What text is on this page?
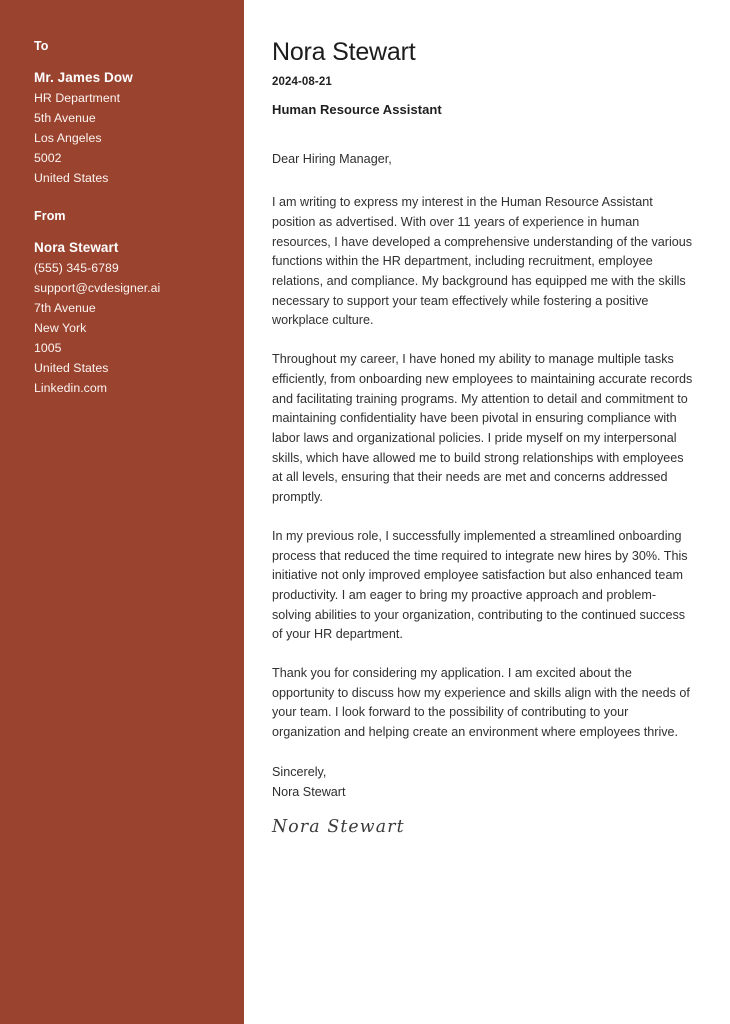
To
Mr. James Dow
HR Department
5th Avenue
Los Angeles
5002
United States
From
Nora Stewart
(555) 345-6789
support@cvdesigner.ai
7th Avenue
New York
1005
United States
Linkedin.com
Nora Stewart
2024-08-21
Human Resource Assistant

Dear Hiring Manager,

I am writing to express my interest in the Human Resource Assistant position as advertised. With over 11 years of experience in human resources, I have developed a comprehensive understanding of the various functions within the HR department, including recruitment, employee relations, and compliance. My background has equipped me with the skills necessary to support your team effectively while fostering a positive workplace culture.

Throughout my career, I have honed my ability to manage multiple tasks efficiently, from onboarding new employees to maintaining accurate records and facilitating training programs. My attention to detail and commitment to maintaining confidentiality have been pivotal in ensuring compliance with labor laws and organizational policies. I pride myself on my interpersonal skills, which have allowed me to build strong relationships with employees at all levels, ensuring that their needs are met and concerns addressed promptly.

In my previous role, I successfully implemented a streamlined onboarding process that reduced the time required to integrate new hires by 30%. This initiative not only improved employee satisfaction but also enhanced team productivity. I am eager to bring my proactive approach and problem-solving abilities to your organization, contributing to the continued success of your HR department.

Thank you for considering my application. I am excited about the opportunity to discuss how my experience and skills align with the needs of your team. I look forward to the possibility of contributing to your organization and helping create an environment where employees thrive.

Sincerely,
Nora Stewart
Nora Stewart
